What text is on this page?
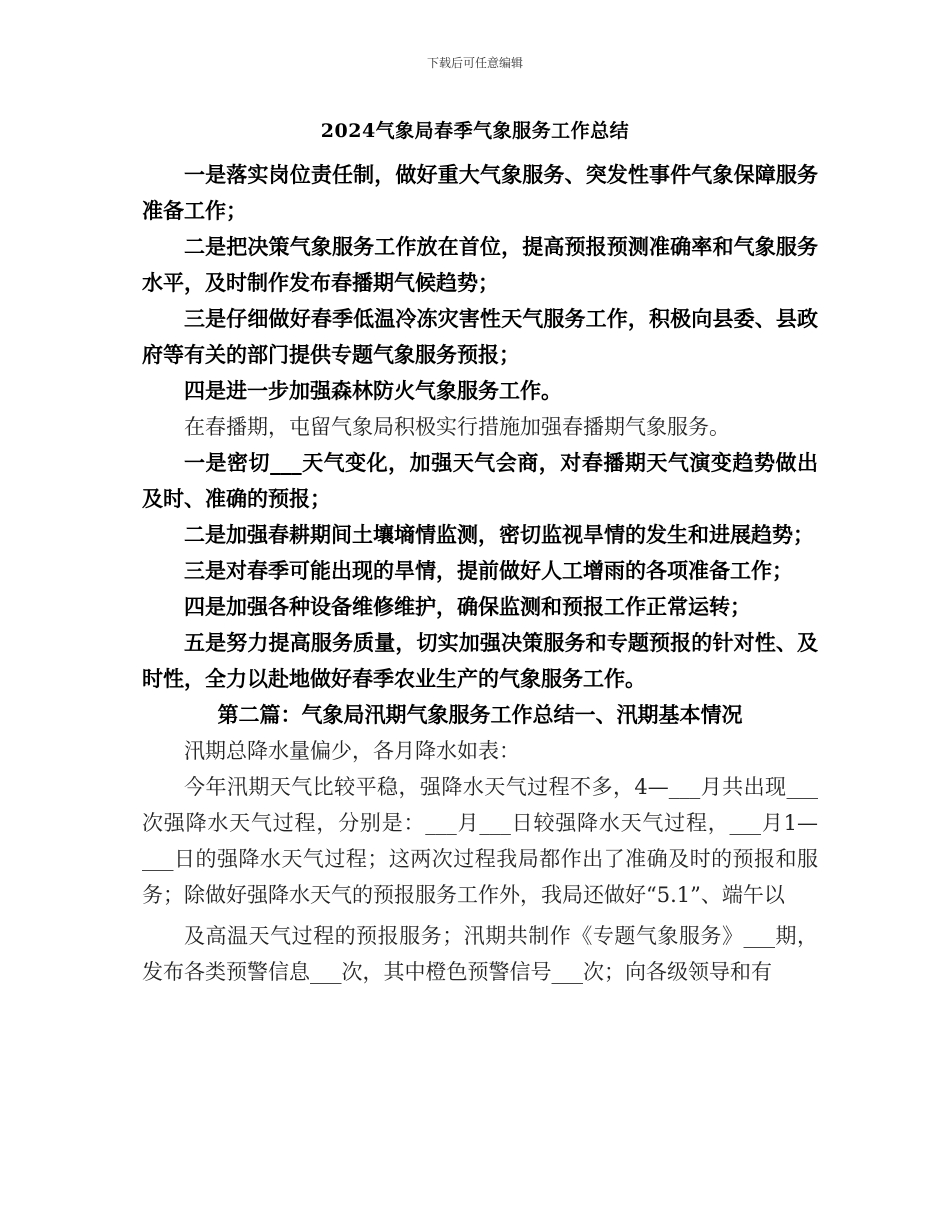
下载后可任意编辑
2024气象局春季气象服务工作总结

一是落实岗位责任制，做好重大气象服务、突发性事件气象保障服务准备工作；

二是把决策气象服务工作放在首位，提高预报预测准确率和气象服务水平，及时制作发布春播期气候趋势；

三是仔细做好春季低温冷冻灾害性天气服务工作，积极向县委、县政府等有关的部门提供专题气象服务预报；

四是进一步加强森林防火气象服务工作。

在春播期，屯留气象局积极实行措施加强春播期气象服务。

一是密切___天气变化，加强天气会商，对春播期天气演变趋势做出及时、准确的预报；

二是加强春耕期间土壤墒情监测，密切监视旱情的发生和进展趋势；

三是对春季可能出现的旱情，提前做好人工增雨的各项准备工作；

四是加强各种设备维修维护，确保监测和预报工作正常运转；

五是努力提高服务质量，切实加强决策服务和专题预报的针对性、及时性，全力以赴地做好春季农业生产的气象服务工作。

第二篇：气象局汛期气象服务工作总结一、汛期基本情况

汛期总降水量偏少，各月降水如表：

今年汛期天气比较平稳，强降水天气过程不多，4—___月共出现___次强降水天气过程，分别是：___月___日较强降水天气过程，___月1—___日的强降水天气过程；这两次过程我局都作出了准确及时的预报和服务；除做好强降水天气的预报服务工作外，我局还做好“5.1”、端午以

及高温天气过程的预报服务；汛期共制作《专题气象服务》___期，发布各类预警信息___次，其中橙色预警信号___次；向各级领导和有
